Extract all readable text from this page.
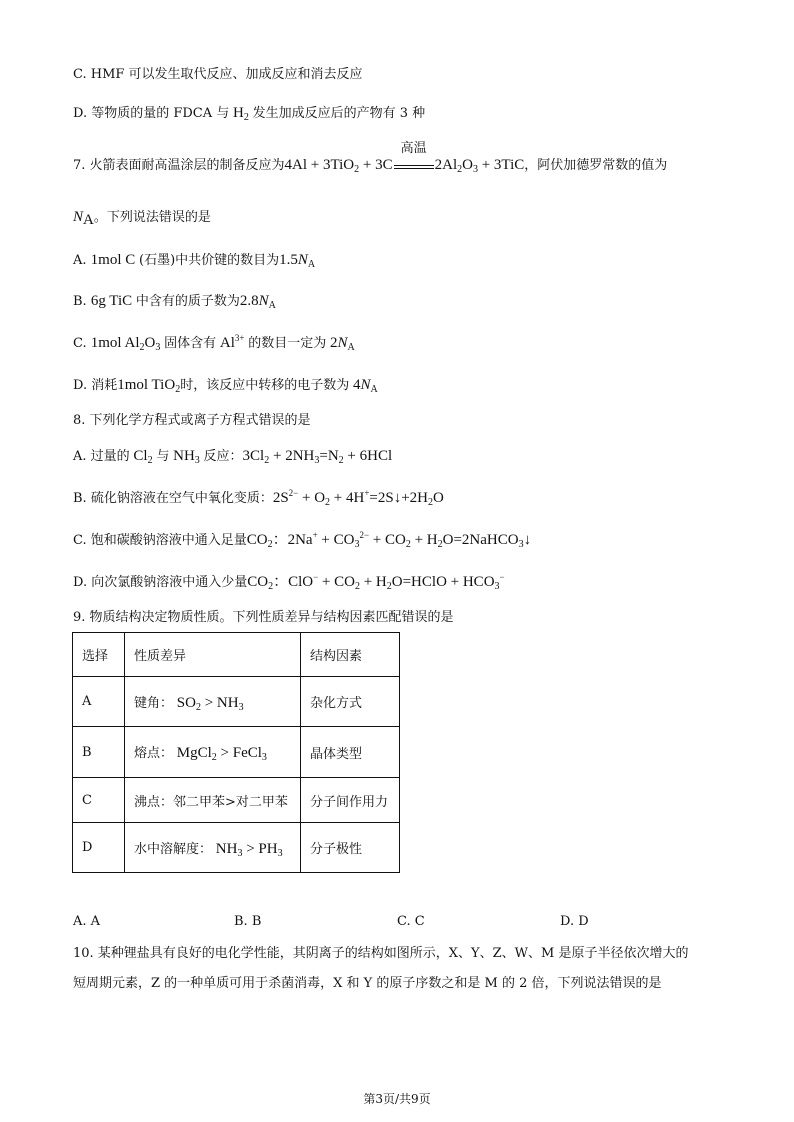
C. HMF 可以发生取代反应、加成反应和消去反应
D. 等物质的量的 FDCA 与 $H_2$ 发生加成反应后的产物有 3 种
7. 火箭表面耐高温涂层的制备反应为4Al + 3TiO$_2$ + 3C
高温
$2Al_2O_3 + 3TiC$，阿伏加德罗常数的值为
$N_A$。下列说法错误的是
A. 1mol C (石墨)中共价键的数目为$1.5N_A$
B. 6g TiC 中含有的质子数为$2.8N_A$
C. 1mol $Al_2O_3$ 固体含有 $Al^{3+}$ 的数目一定为 $2N_A$
D. 消耗1mol TiO$_2$时，该反应中转移的电子数为 $4N_A$
8. 下列化学方程式或离子方程式错误的是
A. 过量的 $Cl_2$ 与 $NH_3$ 反应：$3Cl_2 + 2NH_3=N_2 + 6HCl$
B. 硫化钠溶液在空气中氧化变质：$2S^{2-} + O_2$ + $4H^+=2S↓+2H_2O$
C. 饱和碳酸钠溶液中通入足量$CO_2$：$2Na^+ + CO_3^{2-} + CO_2$ + $H_2O=2NaHCO_3↓$
D. 向次氯酸钠溶液中通入少量$CO_2$：$ClO^- + CO_2$ + $H_2O=HClO + HCO_3^-$
9. 物质结构决定物质性质。下列性质差异与结构因素匹配错误的是
选择	性质差异	结构因素
A	键角： $SO_2 > NH_3$	杂化方式
B	熔点： MgCl$_2$ > FeCl$_3$	晶体类型
C	沸点：邻二甲苯>对二甲苯	分子间作用力
D	水中溶解度： $NH_3 > PH_3$	分子极性
A. A	B. B	C. C	D. D
10. 某种锂盐具有良好的电化学性能，其阴离子的结构如图所示，X、Y、Z、W、M 是原子半径依次增大的
短周期元素，Z 的一种单质可用于杀菌消毒，X 和 Y 的原子序数之和是 M 的 2 倍，下列说法错误的是
第3页/共9页
